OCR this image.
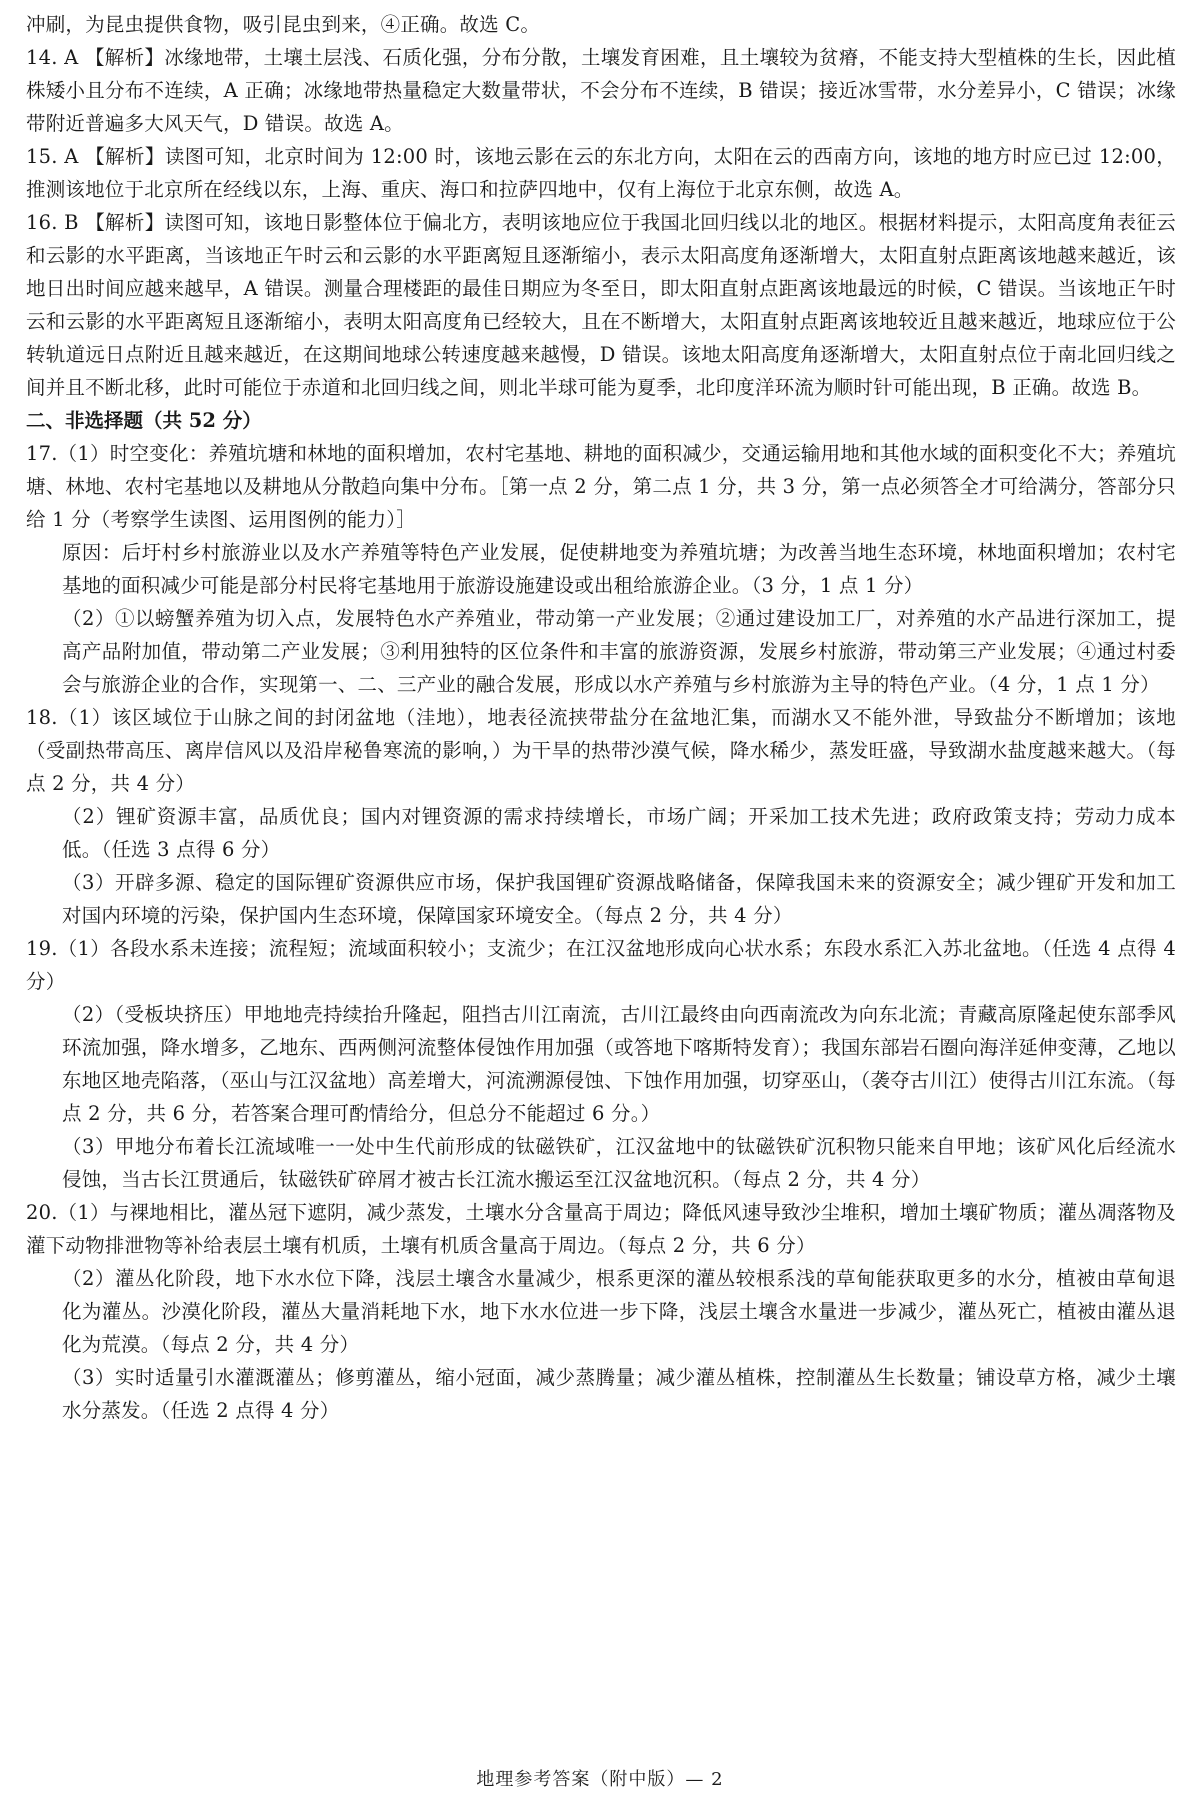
冲刷，为昆虫提供食物，吸引昆虫到来，④正确。故选 C。

14. A 【解析】冰缘地带，土壤土层浅、石质化强，分布分散，土壤发育困难，且土壤较为贫瘠，不能支持大型植株的生长，因此植株矮小且分布不连续，A 正确；冰缘地带热量稳定大数量带状，不会分布不连续，B 错误；接近冰雪带，水分差异小，C 错误；冰缘带附近普遍多大风天气，D 错误。故选 A。

15. A 【解析】读图可知，北京时间为 12:00 时，该地云影在云的东北方向，太阳在云的西南方向，该地的地方时应已过 12:00，推测该地位于北京所在经线以东，上海、重庆、海口和拉萨四地中，仅有上海位于北京东侧，故选 A。

16. B 【解析】读图可知，该地日影整体位于偏北方，表明该地应位于我国北回归线以北的地区。根据材料提示，太阳高度角表征云和云影的水平距离，当该地正午时云和云影的水平距离短且逐渐缩小，表示太阳高度角逐渐增大，太阳直射点距离该地越来越近，该地日出时间应越来越早，A 错误。测量合理楼距的最佳日期应为冬至日，即太阳直射点距离该地最远的时候，C 错误。当该地正午时云和云影的水平距离短且逐渐缩小，表明太阳高度角已经较大，且在不断增大，太阳直射点距离该地较近且越来越近，地球应位于公转轨道远日点附近且越来越近，在这期间地球公转速度越来越慢，D 错误。该地太阳高度角逐渐增大，太阳直射点位于南北回归线之间并且不断北移，此时可能位于赤道和北回归线之间，则北半球可能为夏季，北印度洋环流为顺时针可能出现，B 正确。故选 B。

二、非选择题（共 52 分）

17.（1）时空变化：养殖坑塘和林地的面积增加，农村宅基地、耕地的面积减少，交通运输用地和其他水域的面积变化不大；养殖坑塘、林地、农村宅基地以及耕地从分散趋向集中分布。［第一点 2 分，第二点 1 分，共 3 分，第一点必须答全才可给满分，答部分只给 1 分（考察学生读图、运用图例的能力）］

原因：后圩村乡村旅游业以及水产养殖等特色产业发展，促使耕地变为养殖坑塘；为改善当地生态环境，林地面积增加；农村宅基地的面积减少可能是部分村民将宅基地用于旅游设施建设或出租给旅游企业。（3 分，1 点 1 分）

（2）①以螃蟹养殖为切入点，发展特色水产养殖业，带动第一产业发展；②通过建设加工厂，对养殖的水产品进行深加工，提高产品附加值，带动第二产业发展；③利用独特的区位条件和丰富的旅游资源，发展乡村旅游，带动第三产业发展；④通过村委会与旅游企业的合作，实现第一、二、三产业的融合发展，形成以水产养殖与乡村旅游为主导的特色产业。（4 分，1 点 1 分）

18.（1）该区域位于山脉之间的封闭盆地（洼地），地表径流挟带盐分在盆地汇集，而湖水又不能外泄，导致盐分不断增加；该地（受副热带高压、离岸信风以及沿岸秘鲁寒流的影响，）为干旱的热带沙漠气候，降水稀少，蒸发旺盛，导致湖水盐度越来越大。（每点 2 分，共 4 分）

（2）锂矿资源丰富，品质优良；国内对锂资源的需求持续增长，市场广阔；开采加工技术先进；政府政策支持；劳动力成本低。（任选 3 点得 6 分）

（3）开辟多源、稳定的国际锂矿资源供应市场，保护我国锂矿资源战略储备，保障我国未来的资源安全；减少锂矿开发和加工对国内环境的污染，保护国内生态环境，保障国家环境安全。（每点 2 分，共 4 分）

19.（1）各段水系未连接；流程短；流域面积较小；支流少；在江汉盆地形成向心状水系；东段水系汇入苏北盆地。（任选 4 点得 4 分）

（2）（受板块挤压）甲地地壳持续抬升隆起，阻挡古川江南流，古川江最终由向西南流改为向东北流；青藏高原隆起使东部季风环流加强，降水增多，乙地东、西两侧河流整体侵蚀作用加强（或答地下喀斯特发育）；我国东部岩石圈向海洋延伸变薄，乙地以东地区地壳陷落，（巫山与江汉盆地）高差增大，河流溯源侵蚀、下蚀作用加强，切穿巫山，（袭夺古川江）使得古川江东流。（每点 2 分，共 6 分，若答案合理可酌情给分，但总分不能超过 6 分。）

（3）甲地分布着长江流域唯一一处中生代前形成的钛磁铁矿，江汉盆地中的钛磁铁矿沉积物只能来自甲地；该矿风化后经流水侵蚀，当古长江贯通后，钛磁铁矿碎屑才被古长江流水搬运至江汉盆地沉积。（每点 2 分，共 4 分）

20.（1）与裸地相比，灌丛冠下遮阴，减少蒸发，土壤水分含量高于周边；降低风速导致沙尘堆积，增加土壤矿物质；灌丛凋落物及灌下动物排泄物等补给表层土壤有机质，土壤有机质含量高于周边。（每点 2 分，共 6 分）

（2）灌丛化阶段，地下水水位下降，浅层土壤含水量减少，根系更深的灌丛较根系浅的草甸能获取更多的水分，植被由草甸退化为灌丛。沙漠化阶段，灌丛大量消耗地下水，地下水水位进一步下降，浅层土壤含水量进一步减少，灌丛死亡，植被由灌丛退化为荒漠。（每点 2 分，共 4 分）

（3）实时适量引水灌溉灌丛；修剪灌丛，缩小冠面，减少蒸腾量；减少灌丛植株，控制灌丛生长数量；铺设草方格，减少土壤水分蒸发。（任选 2 点得 4 分）

地理参考答案（附中版）— 2
